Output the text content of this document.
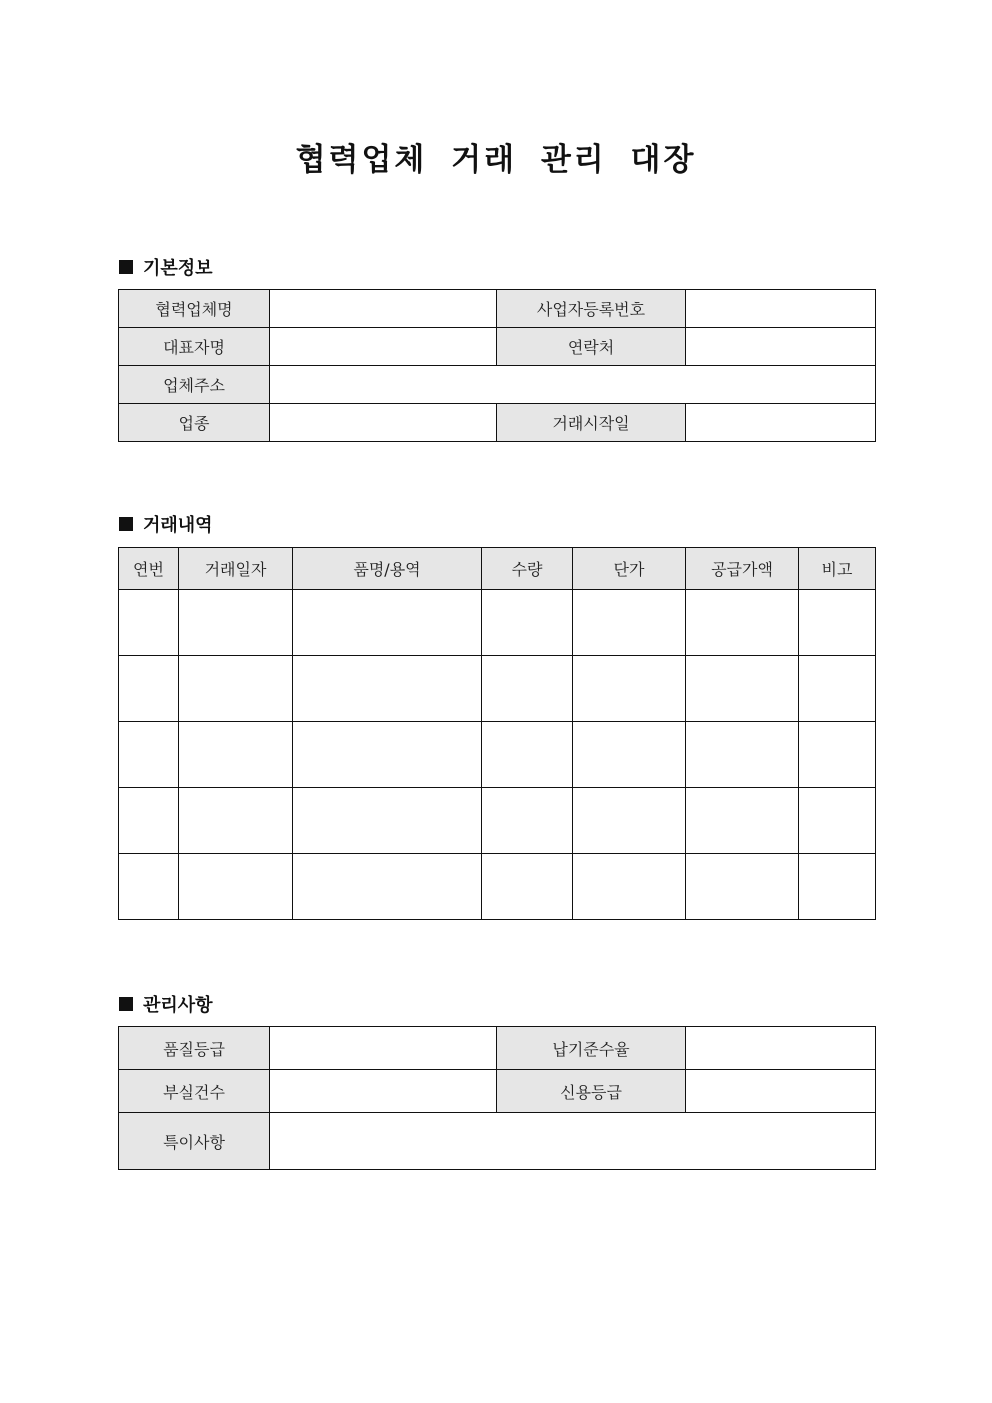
협력업체 거래 관리 대장
기본정보
협력업체명		사업자등록번호	
대표자명		연락처	
업체주소			
업종		거래시작일	
거래내역
연번	거래일자	품명/용역	수량	단가	공급가액	비고

관리사항
품질등급		납기준수율	
부실건수		신용등급	
특이사항			
